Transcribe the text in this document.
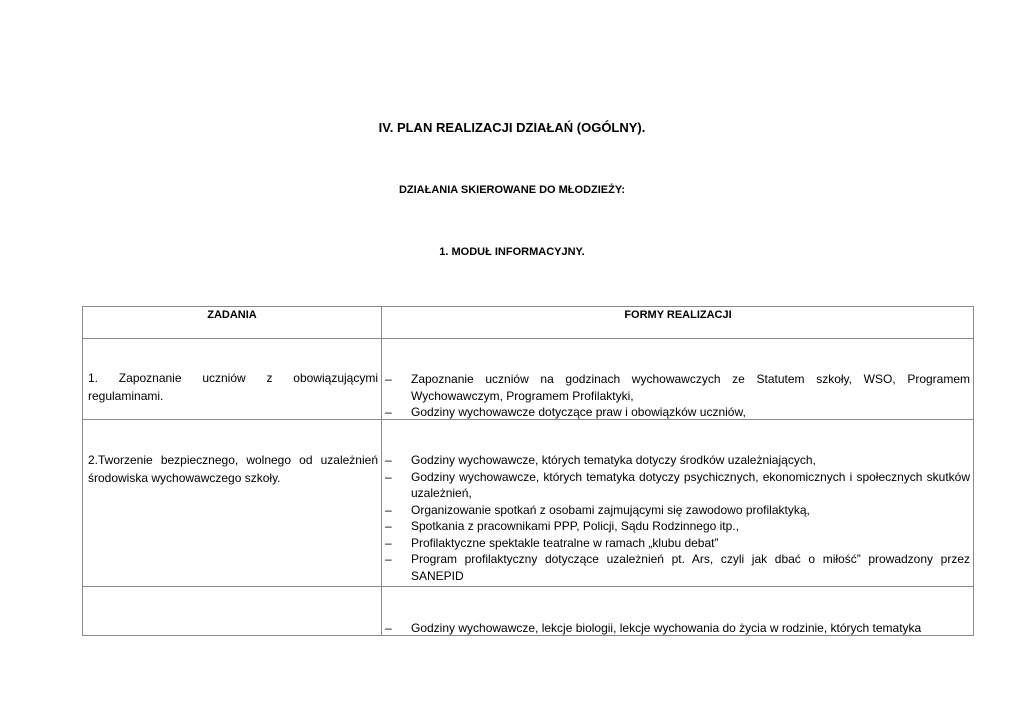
IV. PLAN REALIZACJI DZIAŁAŃ (OGÓLNY).
DZIAŁANIA SKIEROWANE DO MŁODZIEŻY:
1. MODUŁ INFORMACYJNY.
ZADANIA	FORMY REALIZACJI
1. Zapoznanie uczniów z obowiązującymi
regulaminami.
– Zapoznanie uczniów na godzinach wychowawczych ze Statutem szkoły, WSO, Programem Wychowawczym, Programem Profilaktyki,
– Godziny wychowawcze dotyczące praw i obowiązków uczniów,
2.Tworzenie bezpiecznego, wolnego od uzależnień
środowiska wychowawczego szkoły.
– Godziny wychowawcze, których tematyka dotyczy środków uzależniających,
– Godziny wychowawcze, których tematyka dotyczy psychicznych, ekonomicznych i społecznych skutków uzależnień,
– Organizowanie spotkań z osobami zajmującymi się zawodowo profilaktyką,
– Spotkania z pracownikami PPP, Policji, Sądu Rodzinnego itp.,
– Profilaktyczne spektakle teatralne w ramach „klubu debat”
– Program profilaktyczny dotyczące uzależnień pt. Ars, czyli jak dbać o miłość” prowadzony przez SANEPID
– Godziny wychowawcze, lekcje biologii, lekcje wychowania do życia w rodzinie, których tematyka
